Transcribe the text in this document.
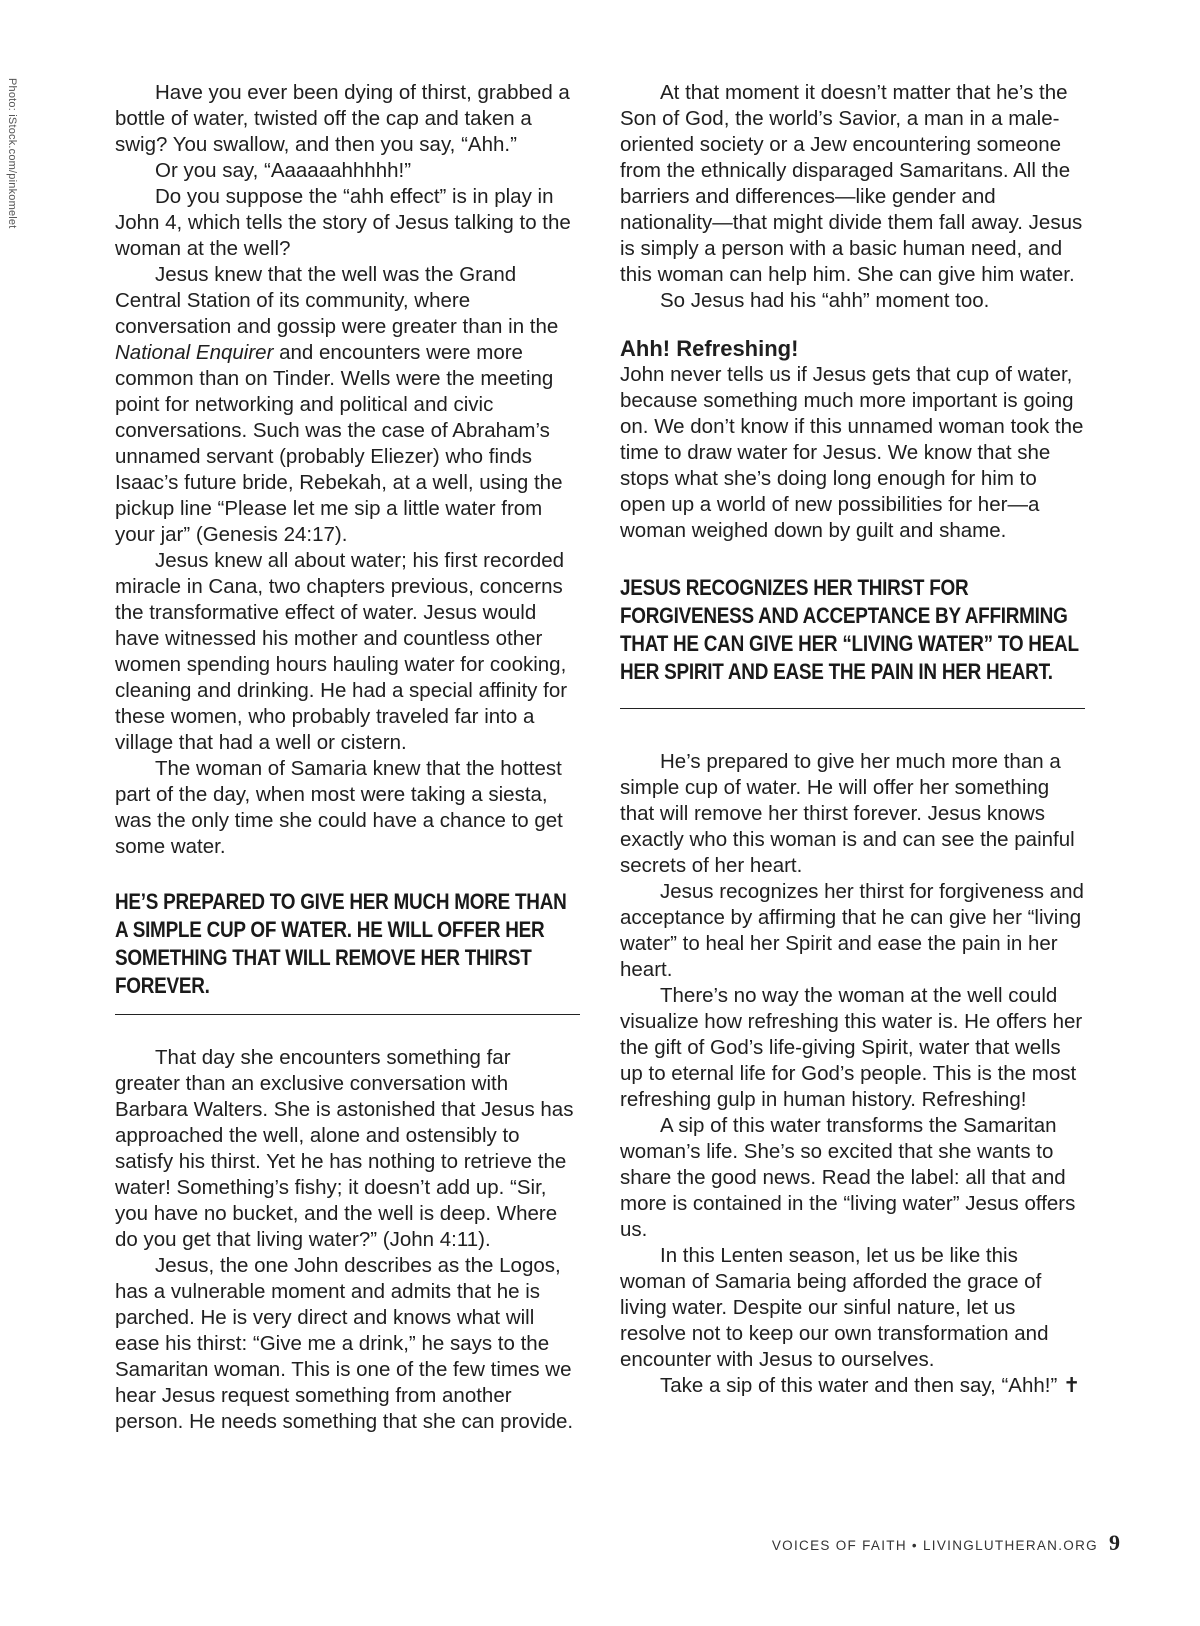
Photo: iStock.com/pinkomelet	Have you ever been dying of thirst, grabbed a bottle of water, twisted off the cap and taken a swig? You swallow, and then you say, “Ahh.”

Or you say, “Aaaaaahhhhh!”

Do you suppose the “ahh effect” is in play in John 4, which tells the story of Jesus talking to the woman at the well?

Jesus knew that the well was the Grand Central Station of its community, where conversation and gossip were greater than in the National Enquirer and encounters were more common than on Tinder. Wells were the meeting point for networking and political and civic conversations. Such was the case of Abraham’s unnamed servant (probably Eliezer) who finds Isaac’s future bride, Rebekah, at a well, using the pickup line “Please let me sip a little water from your jar” (Genesis 24:17).

Jesus knew all about water; his first recorded miracle in Cana, two chapters previous, concerns the transformative effect of water. Jesus would have witnessed his mother and countless other women spending hours hauling water for cooking, cleaning and drinking. He had a special affinity for these women, who probably traveled far into a village that had a well or cistern.

The woman of Samaria knew that the hottest part of the day, when most were taking a siesta, was the only time she could have a chance to get some water.

HE’S PREPARED TO GIVE HER MUCH MORE THAN A SIMPLE CUP OF WATER. HE WILL OFFER HER SOMETHING THAT WILL REMOVE HER THIRST FOREVER.

That day she encounters something far greater than an exclusive conversation with Barbara Walters. She is astonished that Jesus has approached the well, alone and ostensibly to satisfy his thirst. Yet he has nothing to retrieve the water! Something’s fishy; it doesn’t add up. “Sir, you have no bucket, and the well is deep. Where do you get that living water?” (John 4:11).

Jesus, the one John describes as the Logos, has a vulnerable moment and admits that he is parched. He is very direct and knows what will ease his thirst: “Give me a drink,” he says to the Samaritan woman. This is one of the few times we hear Jesus request something from another person. He needs something that she can provide.

At that moment it doesn’t matter that he’s the Son of God, the world’s Savior, a man in a male-oriented society or a Jew encountering someone from the ethnically disparaged Samaritans. All the barriers and differences—like gender and nationality—that might divide them fall away. Jesus is simply a person with a basic human need, and this woman can help him. She can give him water.

So Jesus had his “ahh” moment too.

Ahh! Refreshing!

John never tells us if Jesus gets that cup of water, because something much more important is going on. We don’t know if this unnamed woman took the time to draw water for Jesus. We know that she stops what she’s doing long enough for him to open up a world of new possibilities for her—a woman weighed down by guilt and shame.

JESUS RECOGNIZES HER THIRST FOR FORGIVENESS AND ACCEPTANCE BY AFFIRMING THAT HE CAN GIVE HER “LIVING WATER” TO HEAL HER SPIRIT AND EASE THE PAIN IN HER HEART.

He’s prepared to give her much more than a simple cup of water. He will offer her something that will remove her thirst forever. Jesus knows exactly who this woman is and can see the painful secrets of her heart.

Jesus recognizes her thirst for forgiveness and acceptance by affirming that he can give her “living water” to heal her Spirit and ease the pain in her heart.

There’s no way the woman at the well could visualize how refreshing this water is. He offers her the gift of God’s life-giving Spirit, water that wells up to eternal life for God’s people. This is the most refreshing gulp in human history. Refreshing!

A sip of this water transforms the Samaritan woman’s life. She’s so excited that she wants to share the good news. Read the label: all that and more is contained in the “living water” Jesus offers us.

In this Lenten season, let us be like this woman of Samaria being afforded the grace of living water. Despite our sinful nature, let us resolve not to keep our own transformation and encounter with Jesus to ourselves.

Take a sip of this water and then say, “Ahh!” ✝

VOICES OF FAITH • LIVINGLUTHERAN.ORG 9
